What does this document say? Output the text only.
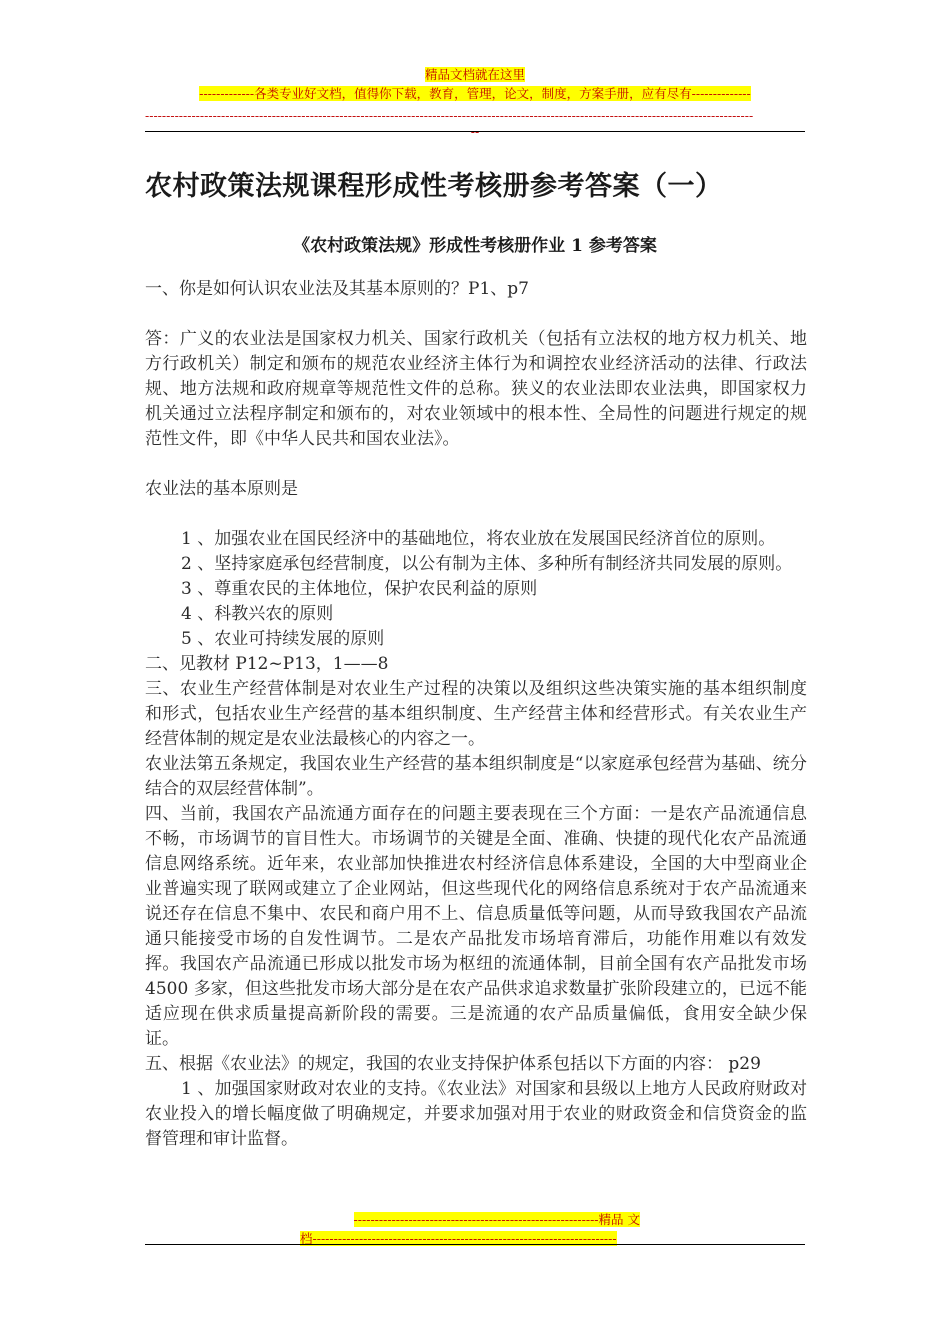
精品文档就在这里
-------------各类专业好文档，值得你下载，教育，管理，论文，制度，方案手册，应有尽有--------------
------------------------------------------------------------------------------------------------------------------------------------------------
--
农村政策法规课程形成性考核册参考答案（一）
《农村政策法规》形成性考核册作业 1 参考答案

一、你是如何认识农业法及其基本原则的？P1、p7

答：广义的农业法是国家权力机关、国家行政机关（包括有立法权的地方权力机关、地方行政机关）制定和颁布的规范农业经济主体行为和调控农业经济活动的法律、行政法规、地方法规和政府规章等规范性文件的总称。狭义的农业法即农业法典，即国家权力机关通过立法程序制定和颁布的，对农业领域中的根本性、全局性的问题进行规定的规范性文件，即《中华人民共和国农业法》。

农业法的基本原则是

1 、加强农业在国民经济中的基础地位，将农业放在发展国民经济首位的原则。

2 、坚持家庭承包经营制度，以公有制为主体、多种所有制经济共同发展的原则。

3 、尊重农民的主体地位，保护农民利益的原则

4 、科教兴农的原则

5 、农业可持续发展的原则

二、见教材 P12~P13，1——8

三、农业生产经营体制是对农业生产过程的决策以及组织这些决策实施的基本组织制度和形式，包括农业生产经营的基本组织制度、生产经营主体和经营形式。有关农业生产经营体制的规定是农业法最核心的内容之一。

农业法第五条规定，我国农业生产经营的基本组织制度是“以家庭承包经营为基础、统分结合的双层经营体制”。

四、当前，我国农产品流通方面存在的问题主要表现在三个方面：一是农产品流通信息不畅，市场调节的盲目性大。市场调节的关键是全面、准确、快捷的现代化农产品流通信息网络系统。近年来，农业部加快推进农村经济信息体系建设，全国的大中型商业企业普遍实现了联网或建立了企业网站，但这些现代化的网络信息系统对于农产品流通来说还存在信息不集中、农民和商户用不上、信息质量低等问题，从而导致我国农产品流通只能接受市场的自发性调节。二是农产品批发市场培育滞后，功能作用难以有效发挥。我国农产品流通已形成以批发市场为枢纽的流通体制，目前全国有农产品批发市场 4500 多家，但这些批发市场大部分是在农产品供求追求数量扩张阶段建立的，已远不能适应现在供求质量提高新阶段的需要。三是流通的农产品质量偏低，食用安全缺少保证。

五、根据《农业法》的规定，我国的农业支持保护体系包括以下方面的内容： p29

1 、加强国家财政对农业的支持。《农业法》对国家和县级以上地方人民政府财政对农业投入的增长幅度做了明确规定，并要求加强对用于农业的财政资金和信贷资金的监督管理和审计监督。

----------------------------------------------------------精品 文
档------------------------------------------------------------------------
